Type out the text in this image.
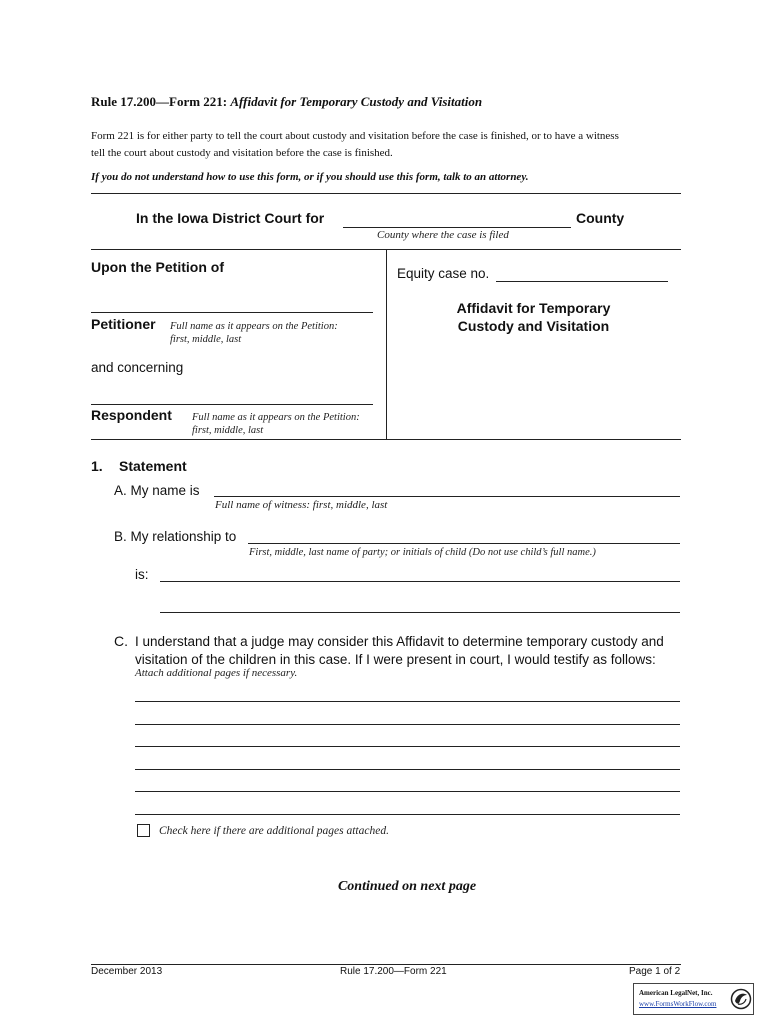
Rule 17.200—Form 221: Affidavit for Temporary Custody and Visitation
Form 221 is for either party to tell the court about custody and visitation before the case is finished, or to have a witness
tell the court about custody and visitation before the case is finished.
If you do not understand how to use this form, or if you should use this form, talk to an attorney.
In the Iowa District Court for	County
County where the case is filed
Upon the Petition of
Petitioner Full name as it appears on the Petition:
first, middle, last
and concerning
Respondent Full name as it appears on the Petition:
first, middle, last
Equity case no.
Affidavit for Temporary
Custody and Visitation
1. Statement
A. My name is
Full name of witness: first, middle, last
B. My relationship to
First, middle, last name of party; or initials of child (Do not use child’s full name.)
is:
C. I understand that a judge may consider this Affidavit to determine temporary custody and
visitation of the children in this case. If I were present in court, I would testify as follows:
Attach additional pages if necessary.
Check here if there are additional pages attached.
Continued on next page
December 2013	Rule 17.200—Form 221	Page 1 of 2
American LegalNet, Inc.
www.FormsWorkFlow.com
